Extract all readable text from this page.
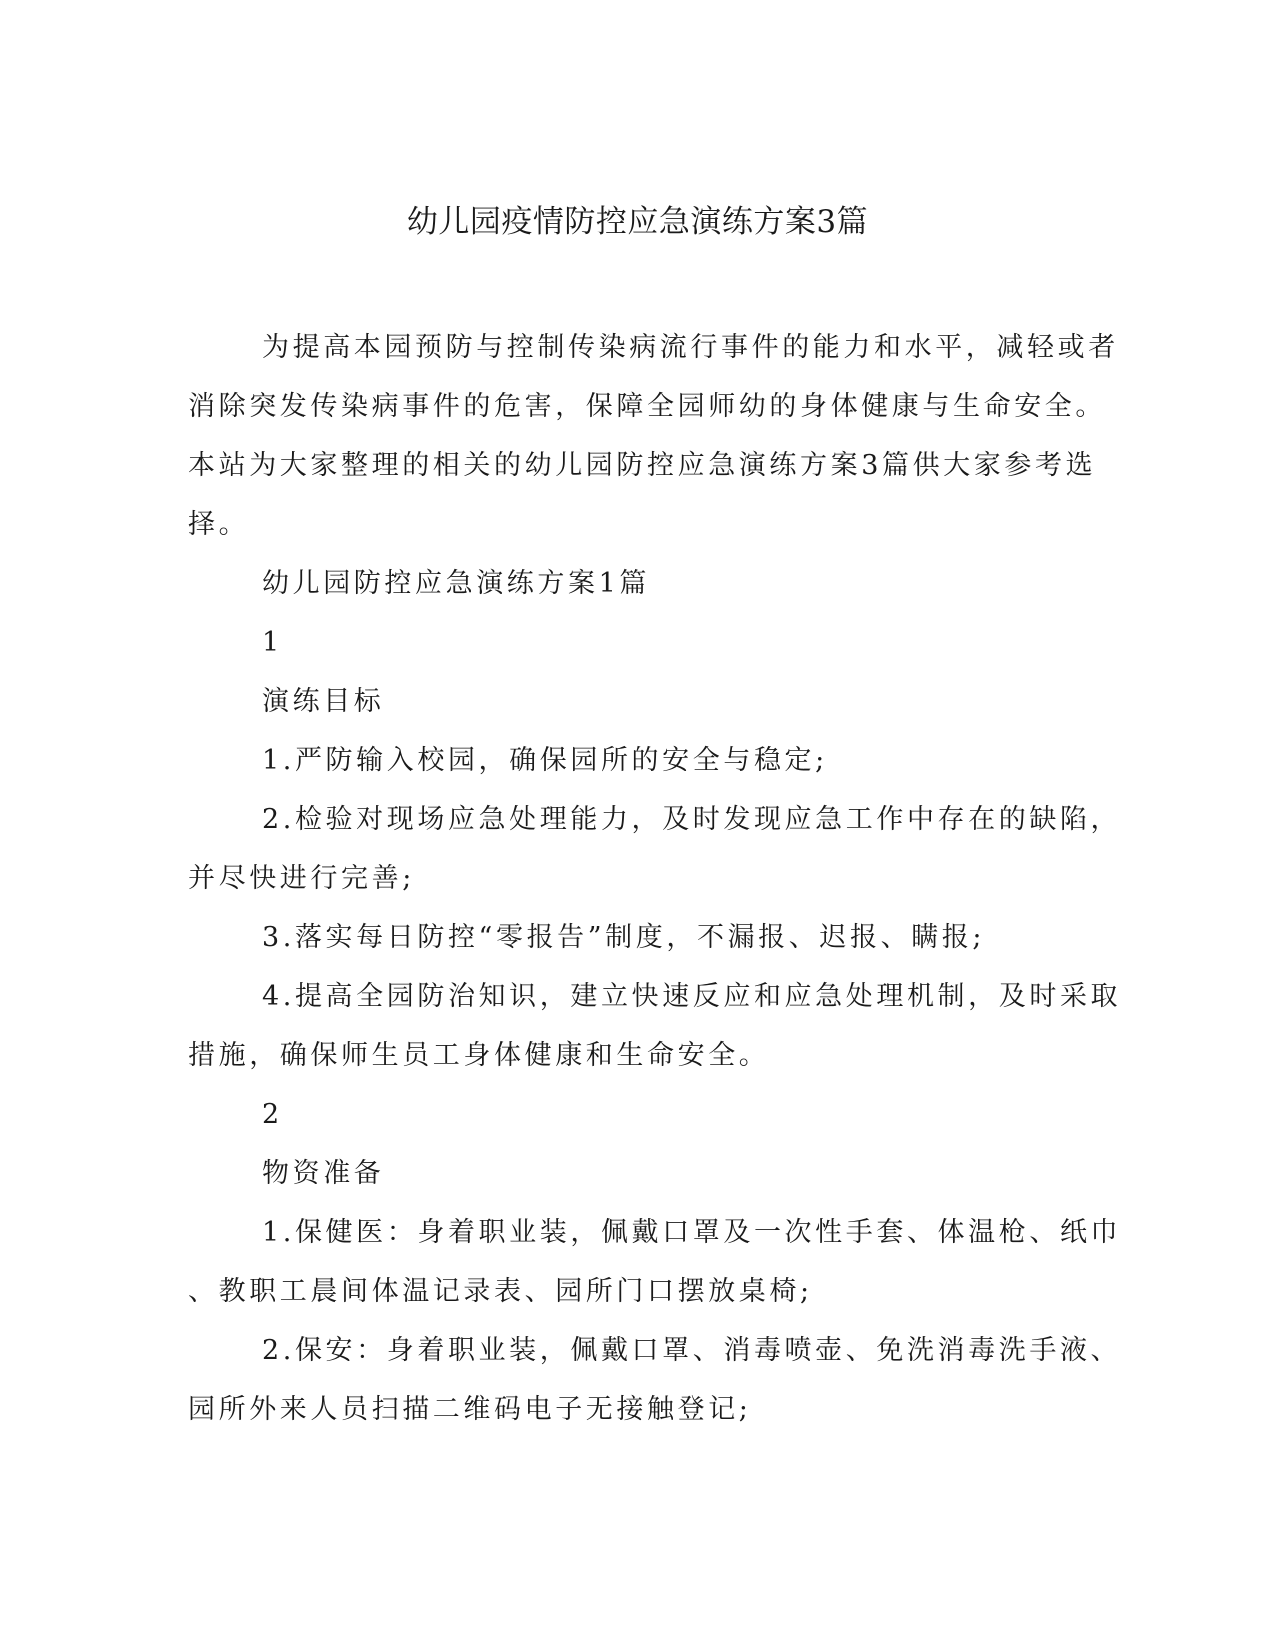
幼儿园疫情防控应急演练方案3篇

为提高本园预防与控制传染病流行事件的能力和水平，减轻或者

消除突发传染病事件的危害，保障全园师幼的身体健康与生命安全。

本站为大家整理的相关的幼儿园防控应急演练方案3篇供大家参考选

择。

幼儿园防控应急演练方案1篇

1

演练目标

1.严防输入校园，确保园所的安全与稳定;

2.检验对现场应急处理能力，及时发现应急工作中存在的缺陷，

并尽快进行完善;

3.落实每日防控“零报告”制度，不漏报、迟报、瞒报;

4.提高全园防治知识，建立快速反应和应急处理机制，及时采取

措施，确保师生员工身体健康和生命安全。

2

物资准备

1.保健医：身着职业装，佩戴口罩及一次性手套、体温枪、纸巾

、教职工晨间体温记录表、园所门口摆放桌椅;

2.保安：身着职业装，佩戴口罩、消毒喷壶、免洗消毒洗手液、

园所外来人员扫描二维码电子无接触登记;
